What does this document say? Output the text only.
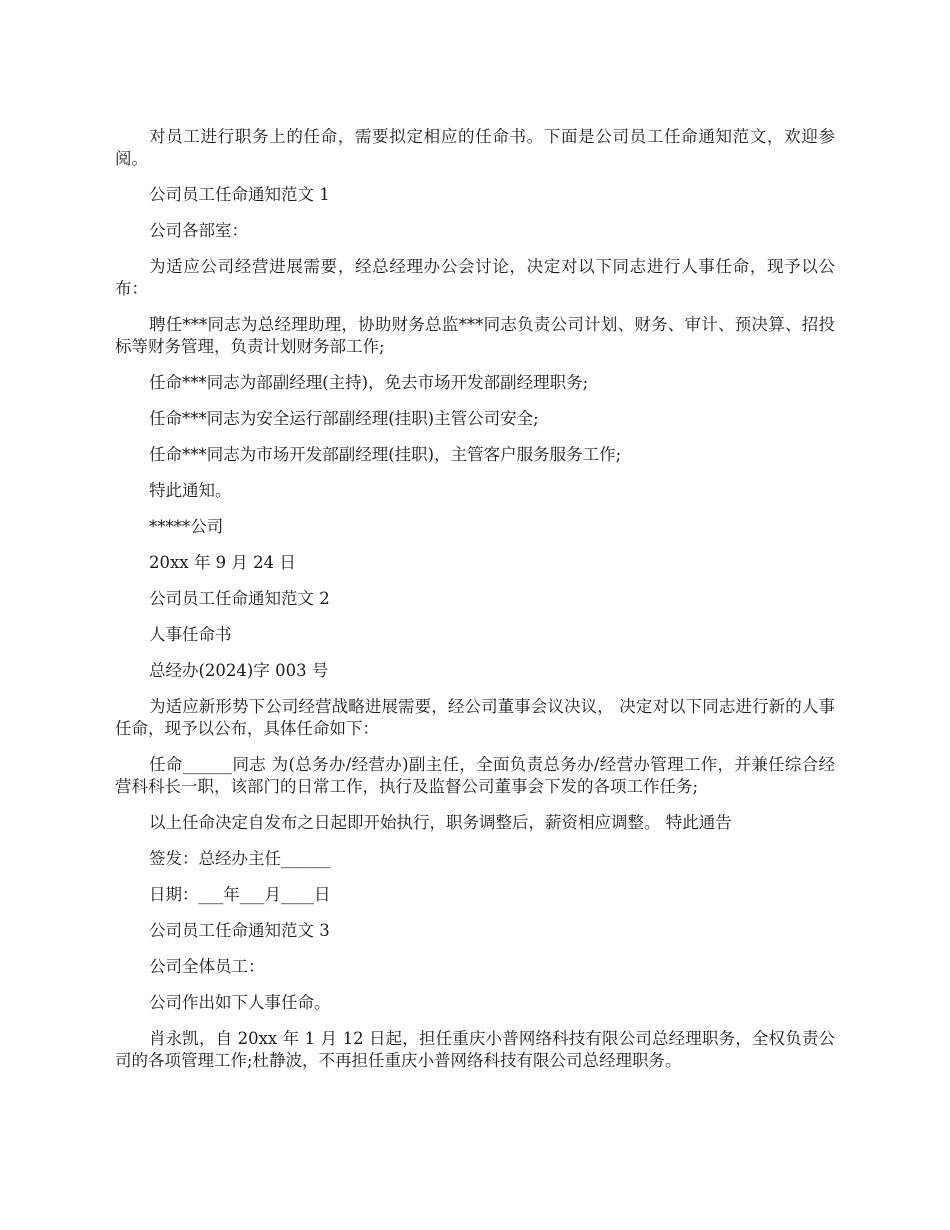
对员工进行职务上的任命，需要拟定相应的任命书。下面是公司员工任命通知范文，欢迎参阅。

公司员工任命通知范文 1

公司各部室：

为适应公司经营进展需要，经总经理办公会讨论，决定对以下同志进行人事任命，现予以公布：

聘任***同志为总经理助理，协助财务总监***同志负责公司计划、财务、审计、预决算、招投标等财务管理，负责计划财务部工作;

任命***同志为部副经理(主持)，免去市场开发部副经理职务;

任命***同志为安全运行部副经理(挂职)主管公司安全;

任命***同志为市场开发部副经理(挂职)，主管客户服务服务工作;

特此通知。

*****公司

20xx 年 9 月 24 日

公司员工任命通知范文 2

人事任命书

总经办(2024)字 003 号

为适应新形势下公司经营战略进展需要，经公司董事会议决议， 决定对以下同志进行新的人事任命，现予以公布，具体任命如下：

任命______同志 为(总务办/经营办)副主任，全面负责总务办/经营办管理工作，并兼任综合经营科科长一职，该部门的日常工作，执行及监督公司董事会下发的各项工作任务;

以上任命决定自发布之日起即开始执行，职务调整后，薪资相应调整。 特此通告

签发：总经办主任______

日期：___年___月____日

公司员工任命通知范文 3

公司全体员工：

公司作出如下人事任命。

肖永凯，自 20xx 年 1 月 12 日起，担任重庆小普网络科技有限公司总经理职务，全权负责公司的各项管理工作;杜静波，不再担任重庆小普网络科技有限公司总经理职务。
